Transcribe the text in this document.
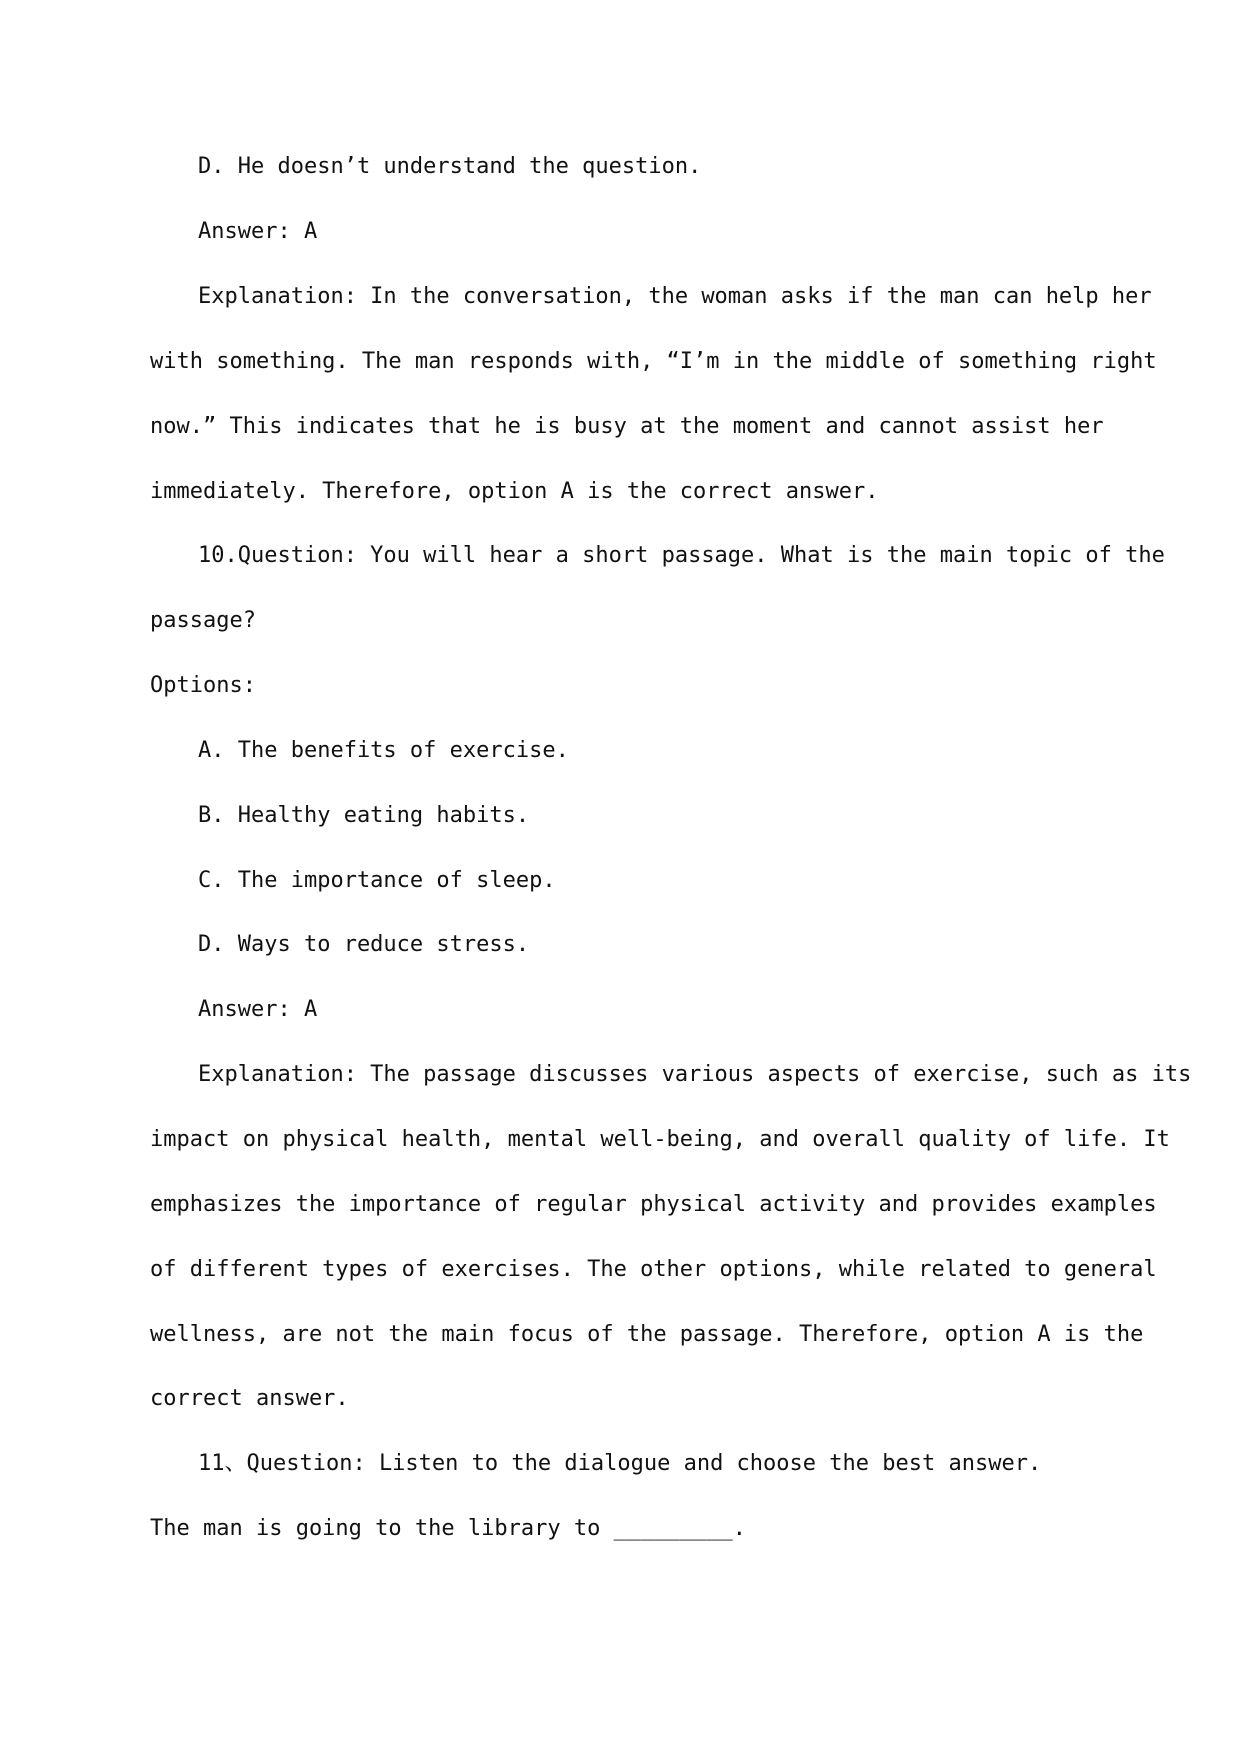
D. He doesn’t understand the question.
Answer: A
Explanation: In the conversation, the woman asks if the man can help her
with something. The man responds with, “I’m in the middle of something right
now.” This indicates that he is busy at the moment and cannot assist her
immediately. Therefore, option A is the correct answer.
10.Question: You will hear a short passage. What is the main topic of the
passage?
Options:
A. The benefits of exercise.
B. Healthy eating habits.
C. The importance of sleep.
D. Ways to reduce stress.
Answer: A
Explanation: The passage discusses various aspects of exercise, such as its
impact on physical health, mental well-being, and overall quality of life. It
emphasizes the importance of regular physical activity and provides examples
of different types of exercises. The other options, while related to general
wellness, are not the main focus of the passage. Therefore, option A is the
correct answer.
11、Question: Listen to the dialogue and choose the best answer.
The man is going to the library to _________.
